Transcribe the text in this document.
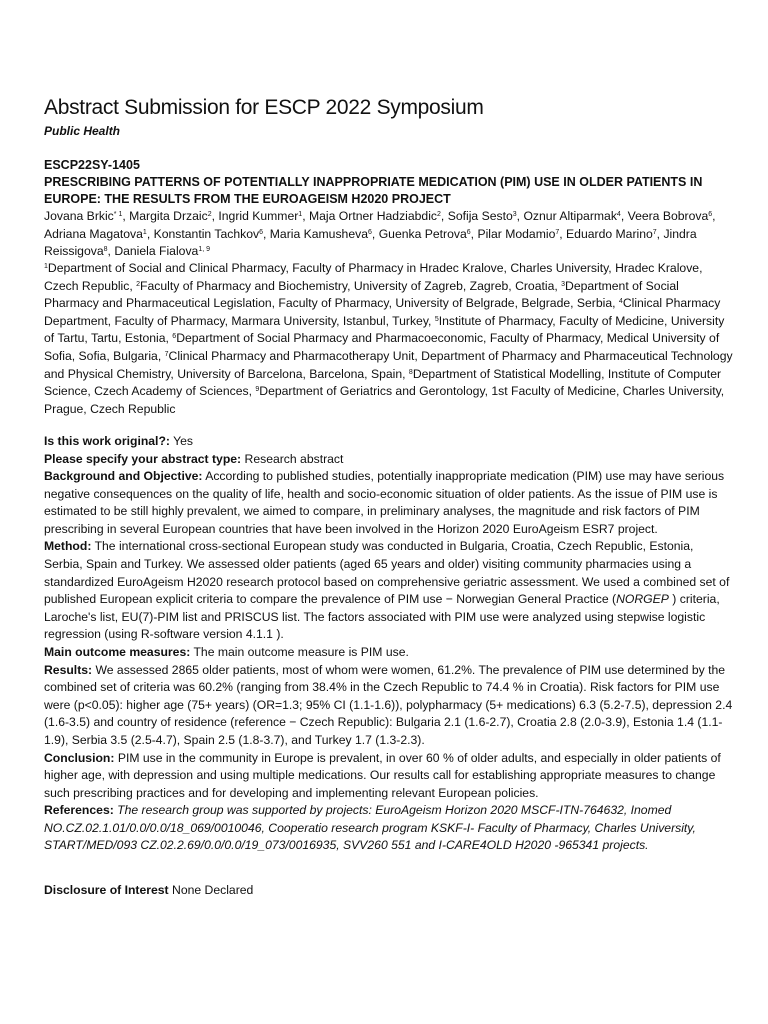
Abstract Submission for ESCP 2022 Symposium
Public Health
ESCP22SY-1405
PRESCRIBING PATTERNS OF POTENTIALLY INAPPROPRIATE MEDICATION (PIM) USE IN OLDER PATIENTS IN EUROPE: THE RESULTS FROM THE EUROAGEISM H2020 PROJECT
Jovana Brkic$^{* 1}$, Margita Drzaic$^2$, Ingrid Kummer$^1$, Maja Ortner Hadziabdic$^2$, Sofija Sesto$^3$, Oznur Altiparmak$^4$, Veera Bobrova$^6$, Adriana Magatova$^1$, Konstantin Tachkov$^6$, Maria Kamusheva$^6$, Guenka Petrova$^6$, Pilar Modamio$^7$, Eduardo Marino$^7$, Jindra Reissigova$^8$, Daniela Fialova$^{1, 9}$
$^1$Department of Social and Clinical Pharmacy, Faculty of Pharmacy in Hradec Kralove, Charles University, Hradec Kralove, Czech Republic, $^2$Faculty of Pharmacy and Biochemistry, University of Zagreb, Zagreb, Croatia, $^3$Department of Social Pharmacy and Pharmaceutical Legislation, Faculty of Pharmacy, University of Belgrade, Belgrade, Serbia, $^4$Clinical Pharmacy Department, Faculty of Pharmacy, Marmara University, Istanbul, Turkey, $^5$Institute of Pharmacy, Faculty of Medicine, University of Tartu, Tartu, Estonia, $^6$Department of Social Pharmacy and Pharmacoeconomic, Faculty of Pharmacy, Medical University of Sofia, Sofia, Bulgaria, $^7$Clinical Pharmacy and Pharmacotherapy Unit, Department of Pharmacy and Pharmaceutical Technology and Physical Chemistry, University of Barcelona, Barcelona, Spain, $^8$Department of Statistical Modelling, Institute of Computer Science, Czech Academy of Sciences, $^9$Department of Geriatrics and Gerontology, 1st Faculty of Medicine, Charles University, Prague, Czech Republic
Is this work original?: Yes
Please specify your abstract type: Research abstract
Background and Objective: According to published studies, potentially inappropriate medication (PIM) use may have serious negative consequences on the quality of life, health and socio-economic situation of older patients. As the issue of PIM use is estimated to be still highly prevalent, we aimed to compare, in preliminary analyses, the magnitude and risk factors of PIM prescribing in several European countries that have been involved in the Horizon 2020 EuroAgeism ESR7 project.
Method: The international cross-sectional European study was conducted in Bulgaria, Croatia, Czech Republic, Estonia, Serbia, Spain and Turkey. We assessed older patients (aged 65 years and older) visiting community pharmacies using a standardized EuroAgeism H2020 research protocol based on comprehensive geriatric assessment. We used a combined set of published European explicit criteria to compare the prevalence of PIM use − Norwegian General Practice (NORGEP ) criteria, Laroche's list, EU(7)-PIM list and PRISCUS list. The factors associated with PIM use were analyzed using stepwise logistic regression (using R-software version 4.1.1 ).
Main outcome measures: The main outcome measure is PIM use.
Results: We assessed 2865 older patients, most of whom were women, 61.2%. The prevalence of PIM use determined by the combined set of criteria was 60.2% (ranging from 38.4% in the Czech Republic to 74.4 % in Croatia). Risk factors for PIM use were (p<0.05): higher age (75+ years) (OR=1.3; 95% CI (1.1-1.6)), polypharmacy (5+ medications) 6.3 (5.2-7.5), depression 2.4 (1.6-3.5) and country of residence (reference − Czech Republic): Bulgaria 2.1 (1.6-2.7), Croatia 2.8 (2.0-3.9), Estonia 1.4 (1.1-1.9), Serbia 3.5 (2.5-4.7), Spain 2.5 (1.8-3.7), and Turkey 1.7 (1.3-2.3).
Conclusion: PIM use in the community in Europe is prevalent, in over 60 % of older adults, and especially in older patients of higher age, with depression and using multiple medications. Our results call for establishing appropriate measures to change such prescribing practices and for developing and implementing relevant European policies.
References: The research group was supported by projects: EuroAgeism Horizon 2020 MSCF-ITN-764632, Inomed NO.CZ.02.1.01/0.0/0.0/18_069/0010046, Cooperatio research program KSKF-I- Faculty of Pharmacy, Charles University, START/MED/093 CZ.02.2.69/0.0/0.0/19_073/0016935, SVV260 551 and I-CARE4OLD H2020 -965341 projects.
Disclosure of Interest None Declared
